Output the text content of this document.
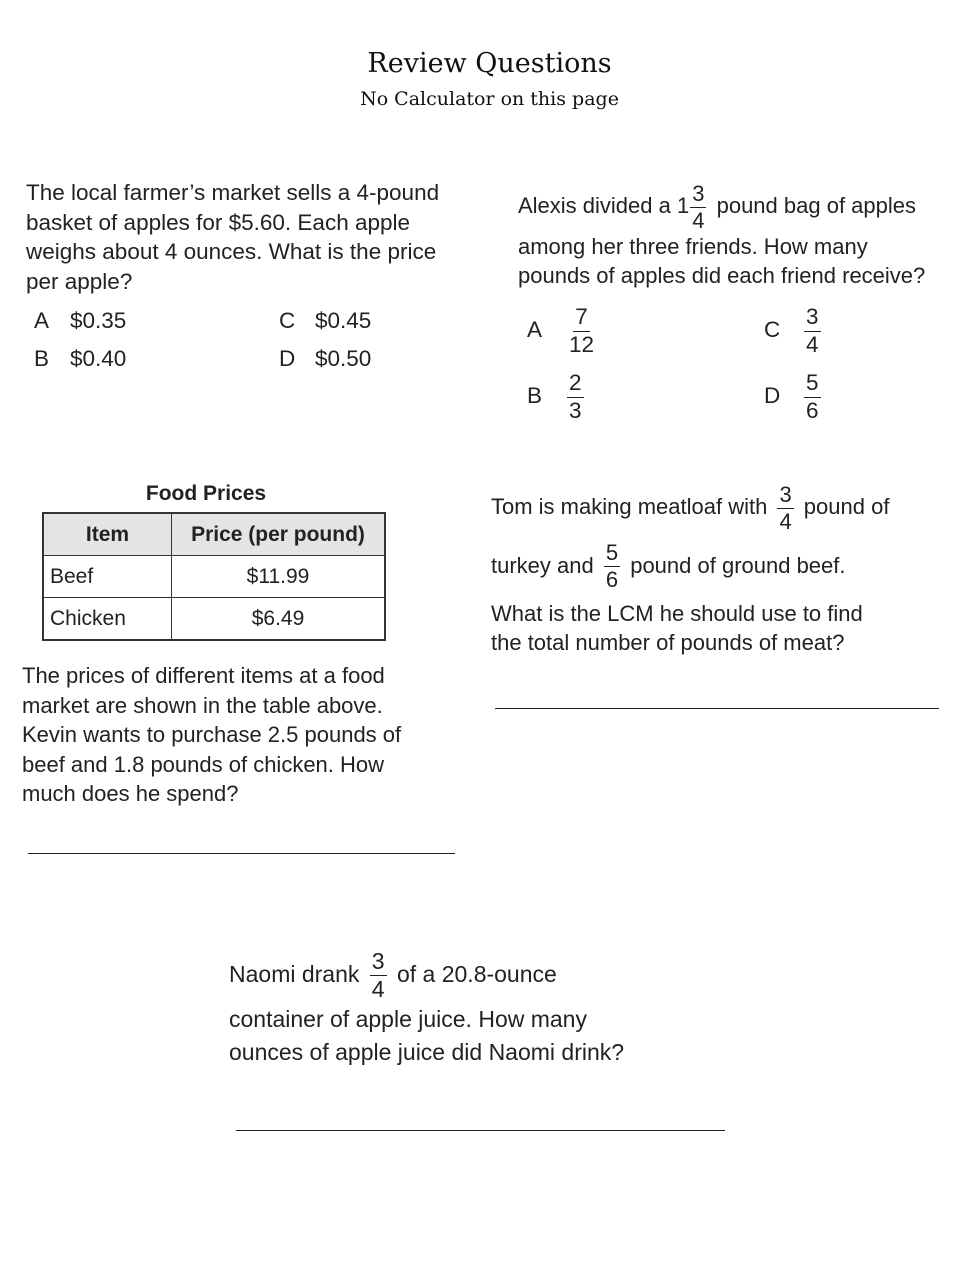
Review Questions
No Calculator on this page
The local farmer’s market sells a 4-pound
basket of apples for $5.60. Each apple
weighs about 4 ounces. What is the price
per apple?
A $0.35
B $0.40
C $0.45
D $0.50
Alexis divided a $1 \frac{3}{4}$ pound bag of apples
among her three friends. How many
pounds of apples did each friend receive?
A $\frac{7}{12}$
B $\frac{2}{3}$
C $\frac{3}{4}$
D $\frac{5}{6}$
Food Prices
Item	Price (per pound)
Beef	$11.99
Chicken	$6.49
The prices of different items at a food
market are shown in the table above.
Kevin wants to purchase 2.5 pounds of
beef and 1.8 pounds of chicken. How
much does he spend?
Tom is making meatloaf with $\frac{3}{4}$ pound of
turkey and $\frac{5}{6}$ pound of ground beef.
What is the LCM he should use to find
the total number of pounds of meat?
Naomi drank $\frac{3}{4}$ of a 20.8-ounce
container of apple juice. How many
ounces of apple juice did Naomi drink?
